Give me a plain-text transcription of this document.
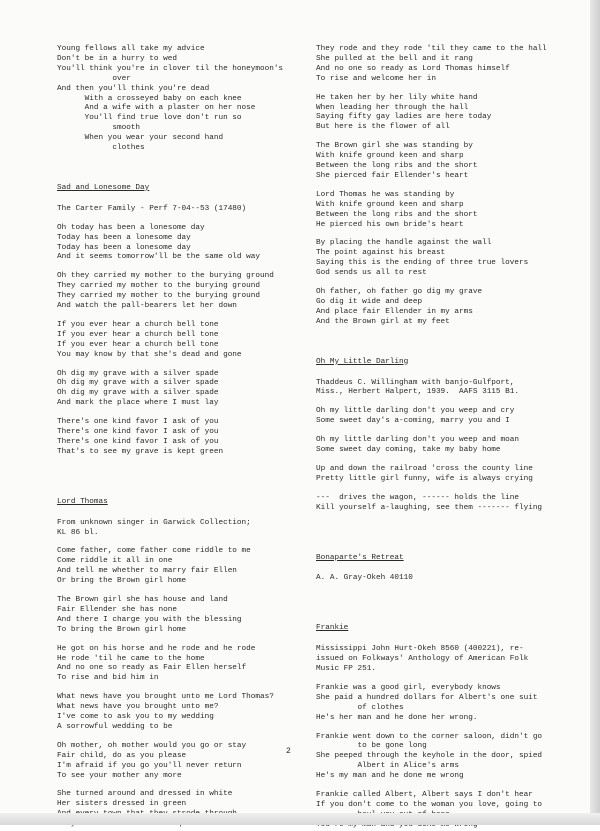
Young fellows all take my advice
Don't be in a hurry to wed
You'll think you're in clover til the honeymoon's
over
And then you'll think you're dead
With a crosseyed baby on each knee
And a wife with a plaster on her nose
You'll find true love don't run so
smooth
When you wear your second hand
clothes
Sad and Lonesome Day
The Carter Family - Perf 7-04--53 (17480)
Oh today has been a lonesome day
Today has been a lonesome day
Today has been a lonesome day
And it seems tomorrow'll be the same old way
Oh they carried my mother to the burying ground
They carried my mother to the burying ground
They carried my mother to the burying ground
And watch the pall-bearers let her down
If you ever hear a church bell tone
If you ever hear a church bell tone
If you ever hear a church bell tone
You may know by that she's dead and gone
Oh dig my grave with a silver spade
Oh dig my grave with a silver spade
Oh dig my grave with a silver spade
And mark the place where I must lay
There's one kind favor I ask of you
There's one kind favor I ask of you
There's one kind favor I ask of you
That's to see my grave is kept green
Lord Thomas
From unknown singer in Garwick Collection;
KL 86 bl.
Come father, come father come riddle to me
Come riddle it all in one
And tell me whether to marry fair Ellen
Or bring the Brown girl home
The Brown girl she has house and land
Fair Ellender she has none
And there I charge you with the blessing
To bring the Brown girl home
He got on his horse and he rode and he rode
He rode 'til he came to the home
And no one so ready as Fair Ellen herself
To rise and bid him in
What news have you brought unto me Lord Thomas?
What news have you brought unto me?
I've come to ask you to my wedding
A sorrowful wedding to be
Oh mother, oh mother would you go or stay
Fair child, do as you please
I'm afraid if you go you'll never return
To see your mother any more
She turned around and dressed in white
Her sisters dressed in green
They rode and they rode 'til they came to the hall
She pulled at the bell and it rang
And no one so ready as Lord Thomas himself
To rise and welcome her in
He taken her by her lily white hand
When leading her through the hall
Saying fifty gay ladies are here today
But here is the flower of all
The Brown girl she was standing by
With knife ground keen and sharp
Between the long ribs and the short
She pierced fair Ellender's heart
Lord Thomas he was standing by
With knife ground keen and sharp
Between the long ribs and the short
He pierced his own bride's heart
By placing the handle against the wall
The point against his breast
Saying this is the ending of three true lovers
God sends us all to rest
Oh father, oh father go dig my grave
Go dig it wide and deep
And place fair Ellender in my arms
And the Brown girl at my feet
Oh My Little Darling
Thaddeus C. Willingham with banjo-Gulfport,
Miss., Herbert Halpert, 1939.  AAFS 3115 B1.
Oh my little darling don't you weep and cry
Some sweet day's a-coming, marry you and I
Oh my little darling don't you weep and moan
Some sweet day coming, take my baby home
Up and down the railroad 'cross the county line
Pretty little girl funny, wife is always crying
---  drives the wagon, ------ holds the line
Kill yourself a-laughing, see them ------- flying
Bonaparte's Retreat
A. A. Gray-Okeh 40110
Frankie
Mississippi John Hurt-Okeh 8560 (400221), re-
issued on Folkways' Anthology of American Folk
Music FP 251.
Frankie was a good girl, everybody knows
She paid a hundred dollars for Albert's one suit
of clothes
He's her man and he done her wrong.
Frankie went down to the corner saloon, didn't go
to be gone long
She peeped through the keyhole in the door, spied
Albert in Alice's arms
He's my man and he done me wrong
Frankie called Albert, Albert says I don't hear
If you don't come to the woman you love, going to
2
